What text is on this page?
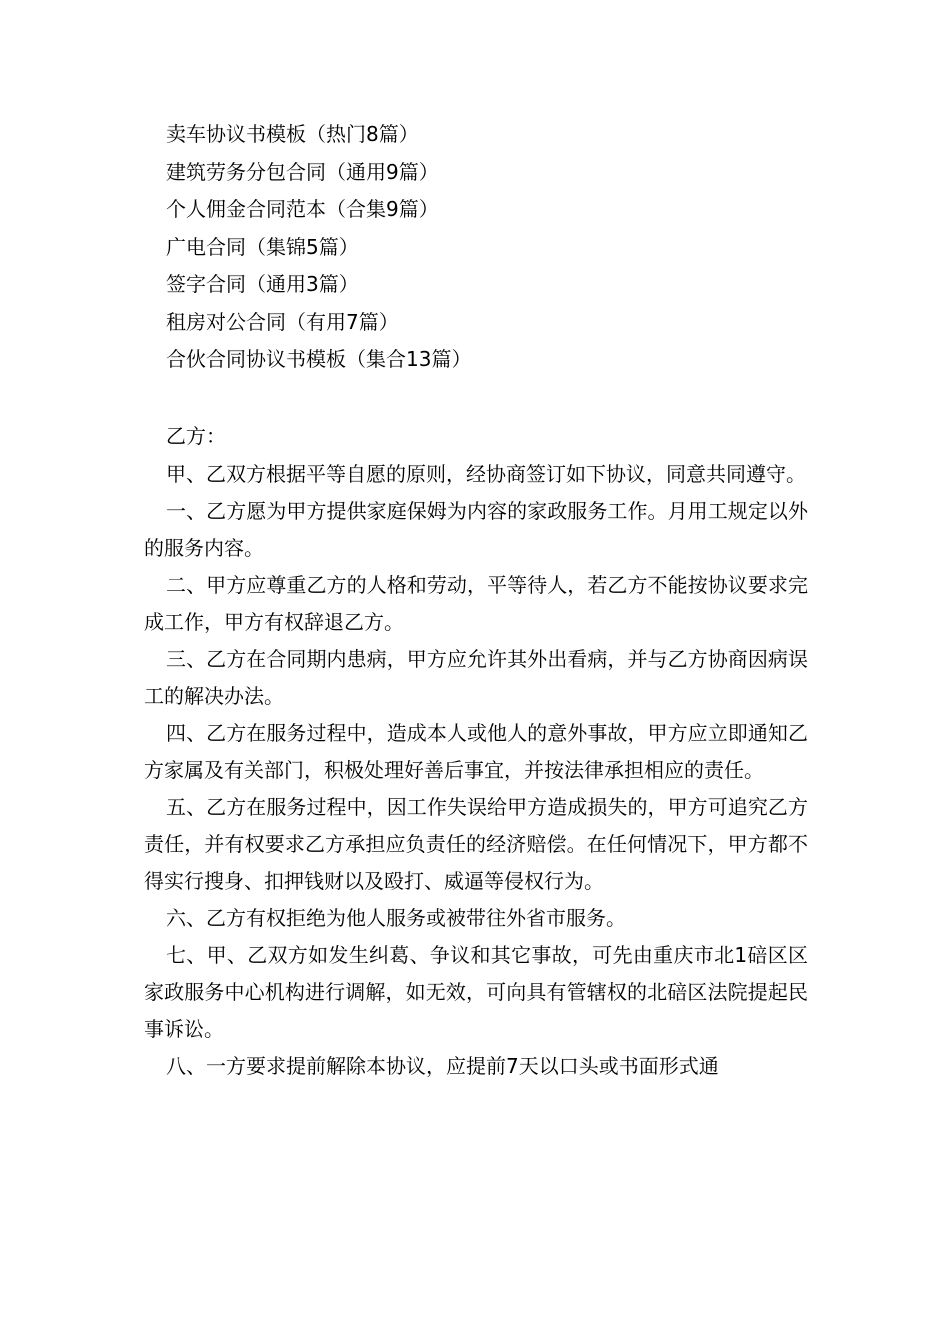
卖车协议书模板（热门8篇）
建筑劳务分包合同（通用9篇）
个人佣金合同范本（合集9篇）
广电合同（集锦5篇）
签字合同（通用3篇）
租房对公合同（有用7篇）
合伙合同协议书模板（集合13篇）

乙方：

甲、乙双方根据平等自愿的原则，经协商签订如下协议，同意共同遵守。

一、乙方愿为甲方提供家庭保姆为内容的家政服务工作。月用工规定以外的服务内容。

二、甲方应尊重乙方的人格和劳动，平等待人，若乙方不能按协议要求完成工作，甲方有权辞退乙方。

三、乙方在合同期内患病，甲方应允许其外出看病，并与乙方协商因病误工的解决办法。

四、乙方在服务过程中，造成本人或他人的意外事故，甲方应立即通知乙方家属及有关部门，积极处理好善后事宜，并按法律承担相应的责任。

五、乙方在服务过程中，因工作失误给甲方造成损失的，甲方可追究乙方责任，并有权要求乙方承担应负责任的经济赔偿。在任何情况下，甲方都不得实行搜身、扣押钱财以及殴打、威逼等侵权行为。

六、乙方有权拒绝为他人服务或被带往外省市服务。

七、甲、乙双方如发生纠葛、争议和其它事故，可先由重庆市北1碚区区家政服务中心机构进行调解，如无效，可向具有管辖权的北碚区法院提起民事诉讼。

八、一方要求提前解除本协议，应提前7天以口头或书面形式通
